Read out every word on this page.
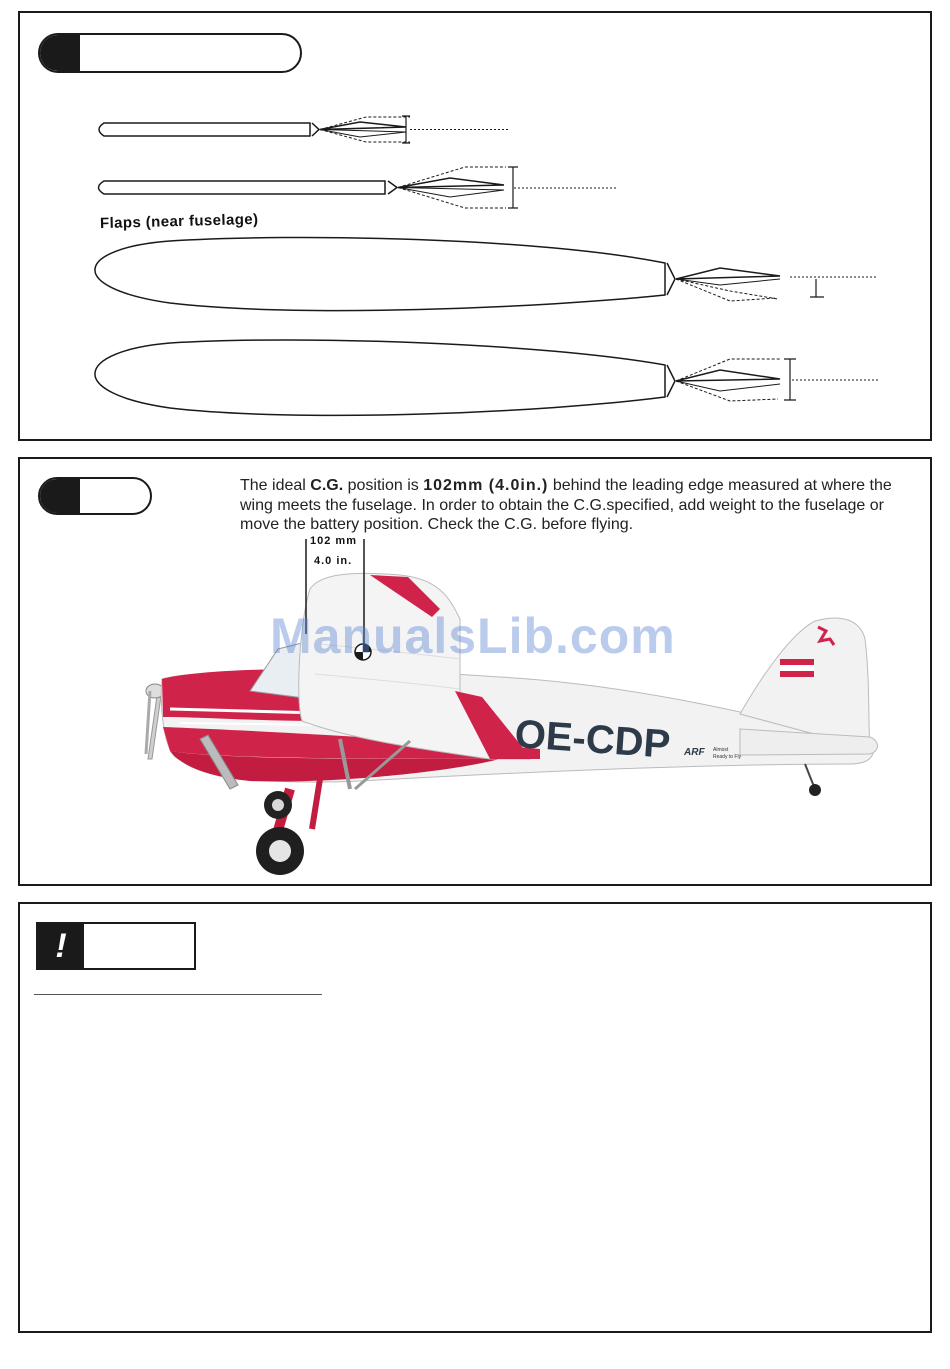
Flaps (near fuselage)
The ideal C.G. position is 102mm (4.0in.) behind the leading edge measured at where the wing meets the fuselage. In order to obtain the C.G.specified, add weight to the fuselage or move the battery position. Check the C.G. before flying.
OE-CDP ARF Almost
Ready to Fly
102 mm
4.0 in.
ManualsLib.com
!
